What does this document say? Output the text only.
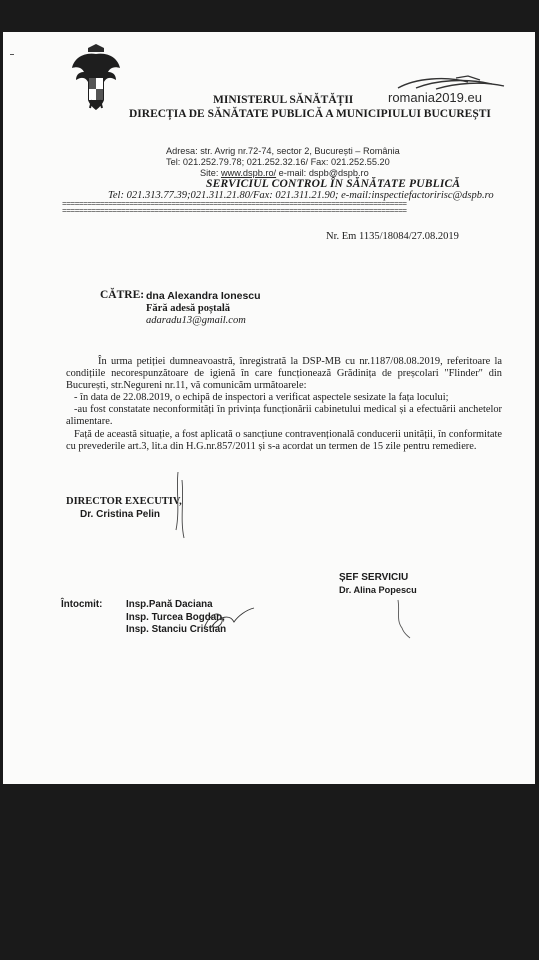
MINISTERUL SĂNĂTĂȚII
DIRECȚIA DE SĂNĂTATE PUBLICĂ A MUNICIPIULUI BUCUREȘTI
romania2019.eu
Adresa: str. Avrig nr.72-74, sector 2, București – România
Tel: 021.252.79.78; 021.252.32.16/ Fax: 021.252.55.20
Site: www.dspb.ro/ e-mail: dspb@dspb.ro
SERVICIUL CONTROL ÎN SĂNĂTATE PUBLICĂ
Tel: 021.313.77.39;021.311.21.80/Fax: 021.311.21.90; e-mail:inspectiefactoririsc@dspb.ro
==================================================================================
==================================================================================
Nr. Em 1135/18084/27.08.2019
CĂTRE: dna Alexandra Ionescu
Fără adesă poștală
adaradu13@gmail.com

În urma petiției dumneavoastră, înregistrată la DSP-MB cu nr.1187/08.08.2019, referitoare la condițiile necorespunzătoare de igienă în care funcționează Grădinița de preșcolari "Flinder" din București, str.Negureni nr.11, vă comunicăm următoarele:

- în data de 22.08.2019, o echipă de inspectori a verificat aspectele sesizate la fața locului;

-au fost constatate neconformități în privința funcționării cabinetului medical și a efectuării anchetelor alimentare.

Față de această situație, a fost aplicată o sancțiune contravențională conducerii unității, în conformitate cu prevederile art.3, lit.a din H.G.nr.857/2011 și s-a acordat un termen de 15 zile pentru remediere.

DIRECTOR EXECUTIV,
Dr. Cristina Pelin
ȘEF SERVICIU
Dr. Alina Popescu
Întocmit: Insp.Pană Daciana
Insp. Turcea Bogdan,
Insp. Stanciu Cristian
